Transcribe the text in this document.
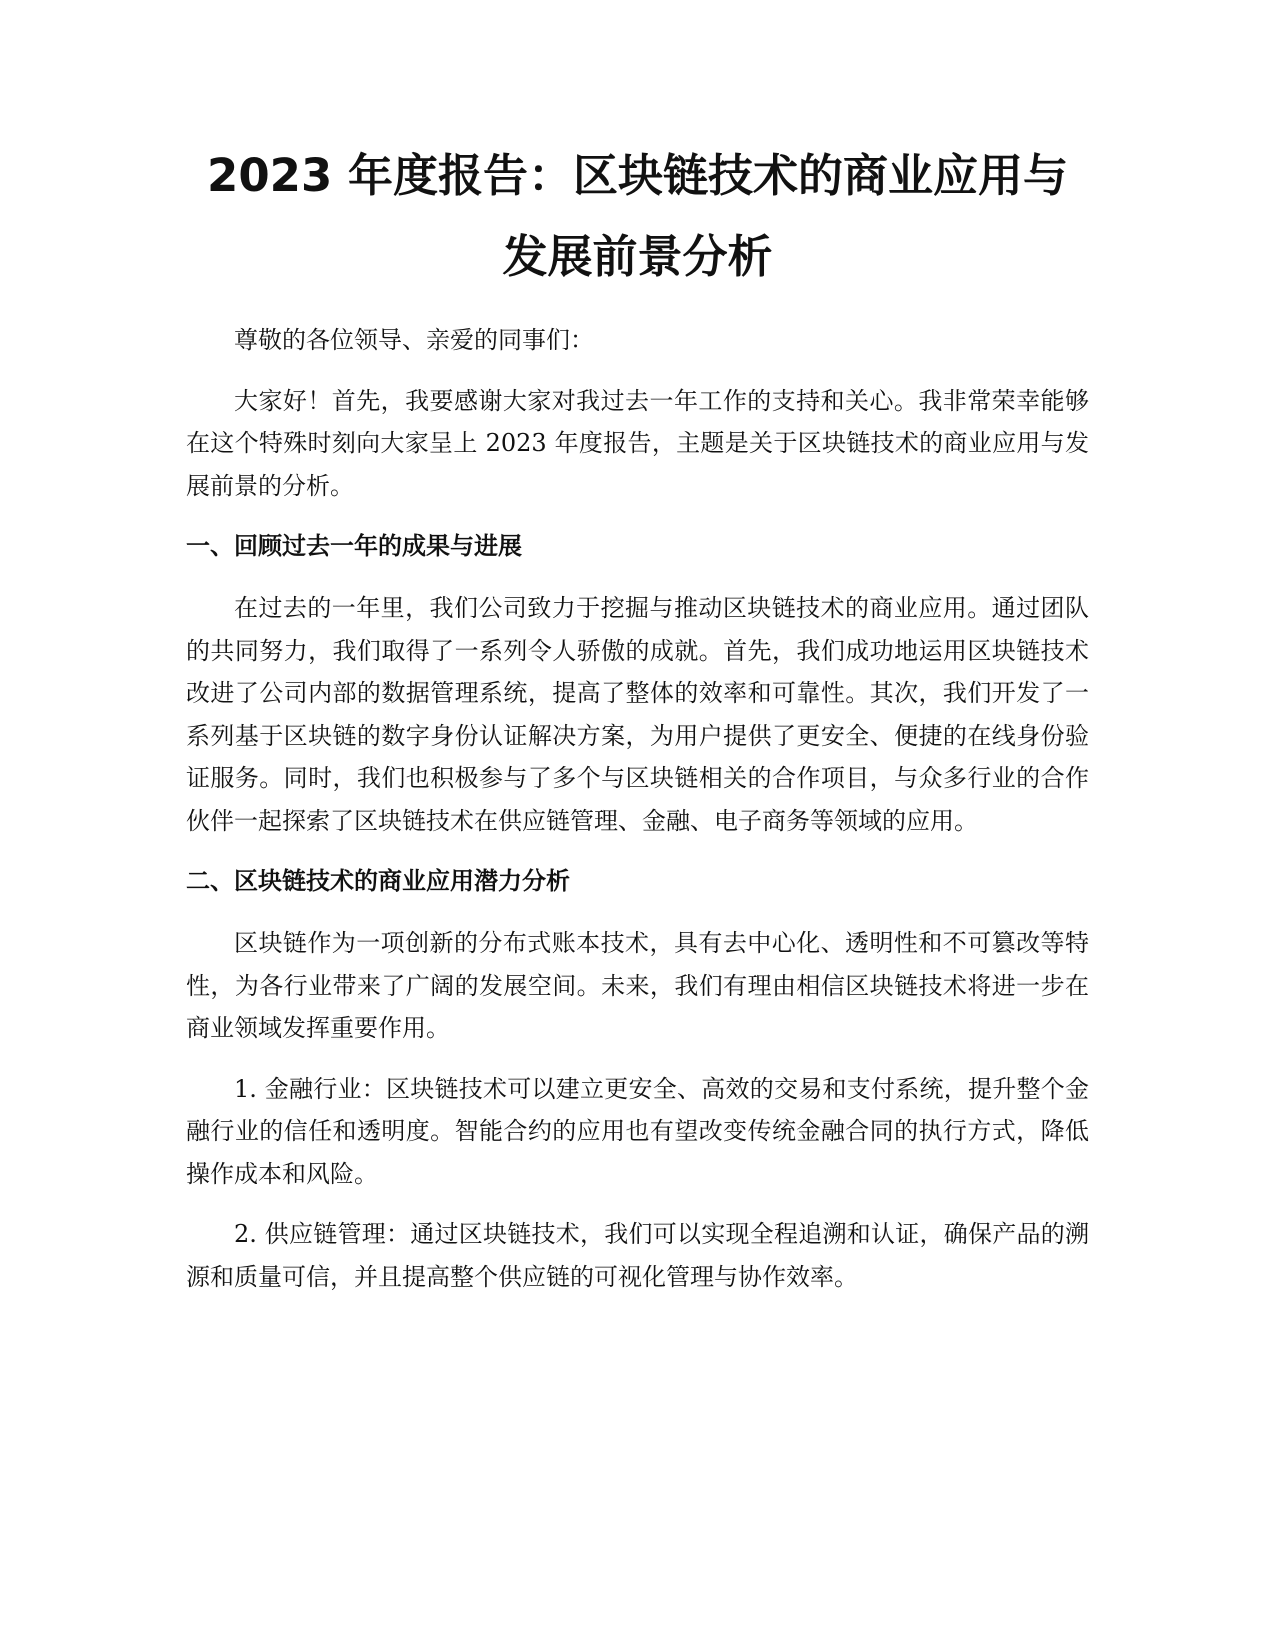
2023 年度报告：区块链技术的商业应用与发展前景分析
尊敬的各位领导、亲爱的同事们：
大家好！首先，我要感谢大家对我过去一年工作的支持和关心。我非常荣幸能够在这个特殊时刻向大家呈上 2023 年度报告，主题是关于区块链技术的商业应用与发展前景的分析。
一、回顾过去一年的成果与进展
在过去的一年里，我们公司致力于挖掘与推动区块链技术的商业应用。通过团队的共同努力，我们取得了一系列令人骄傲的成就。首先，我们成功地运用区块链技术改进了公司内部的数据管理系统，提高了整体的效率和可靠性。其次，我们开发了一系列基于区块链的数字身份认证解决方案，为用户提供了更安全、便捷的在线身份验证服务。同时，我们也积极参与了多个与区块链相关的合作项目，与众多行业的合作伙伴一起探索了区块链技术在供应链管理、金融、电子商务等领域的应用。
二、区块链技术的商业应用潜力分析
区块链作为一项创新的分布式账本技术，具有去中心化、透明性和不可篡改等特性，为各行业带来了广阔的发展空间。未来，我们有理由相信区块链技术将进一步在商业领域发挥重要作用。
1. 金融行业：区块链技术可以建立更安全、高效的交易和支付系统，提升整个金融行业的信任和透明度。智能合约的应用也有望改变传统金融合同的执行方式，降低操作成本和风险。
2. 供应链管理：通过区块链技术，我们可以实现全程追溯和认证，确保产品的溯源和质量可信，并且提高整个供应链的可视化管理与协作效率。
